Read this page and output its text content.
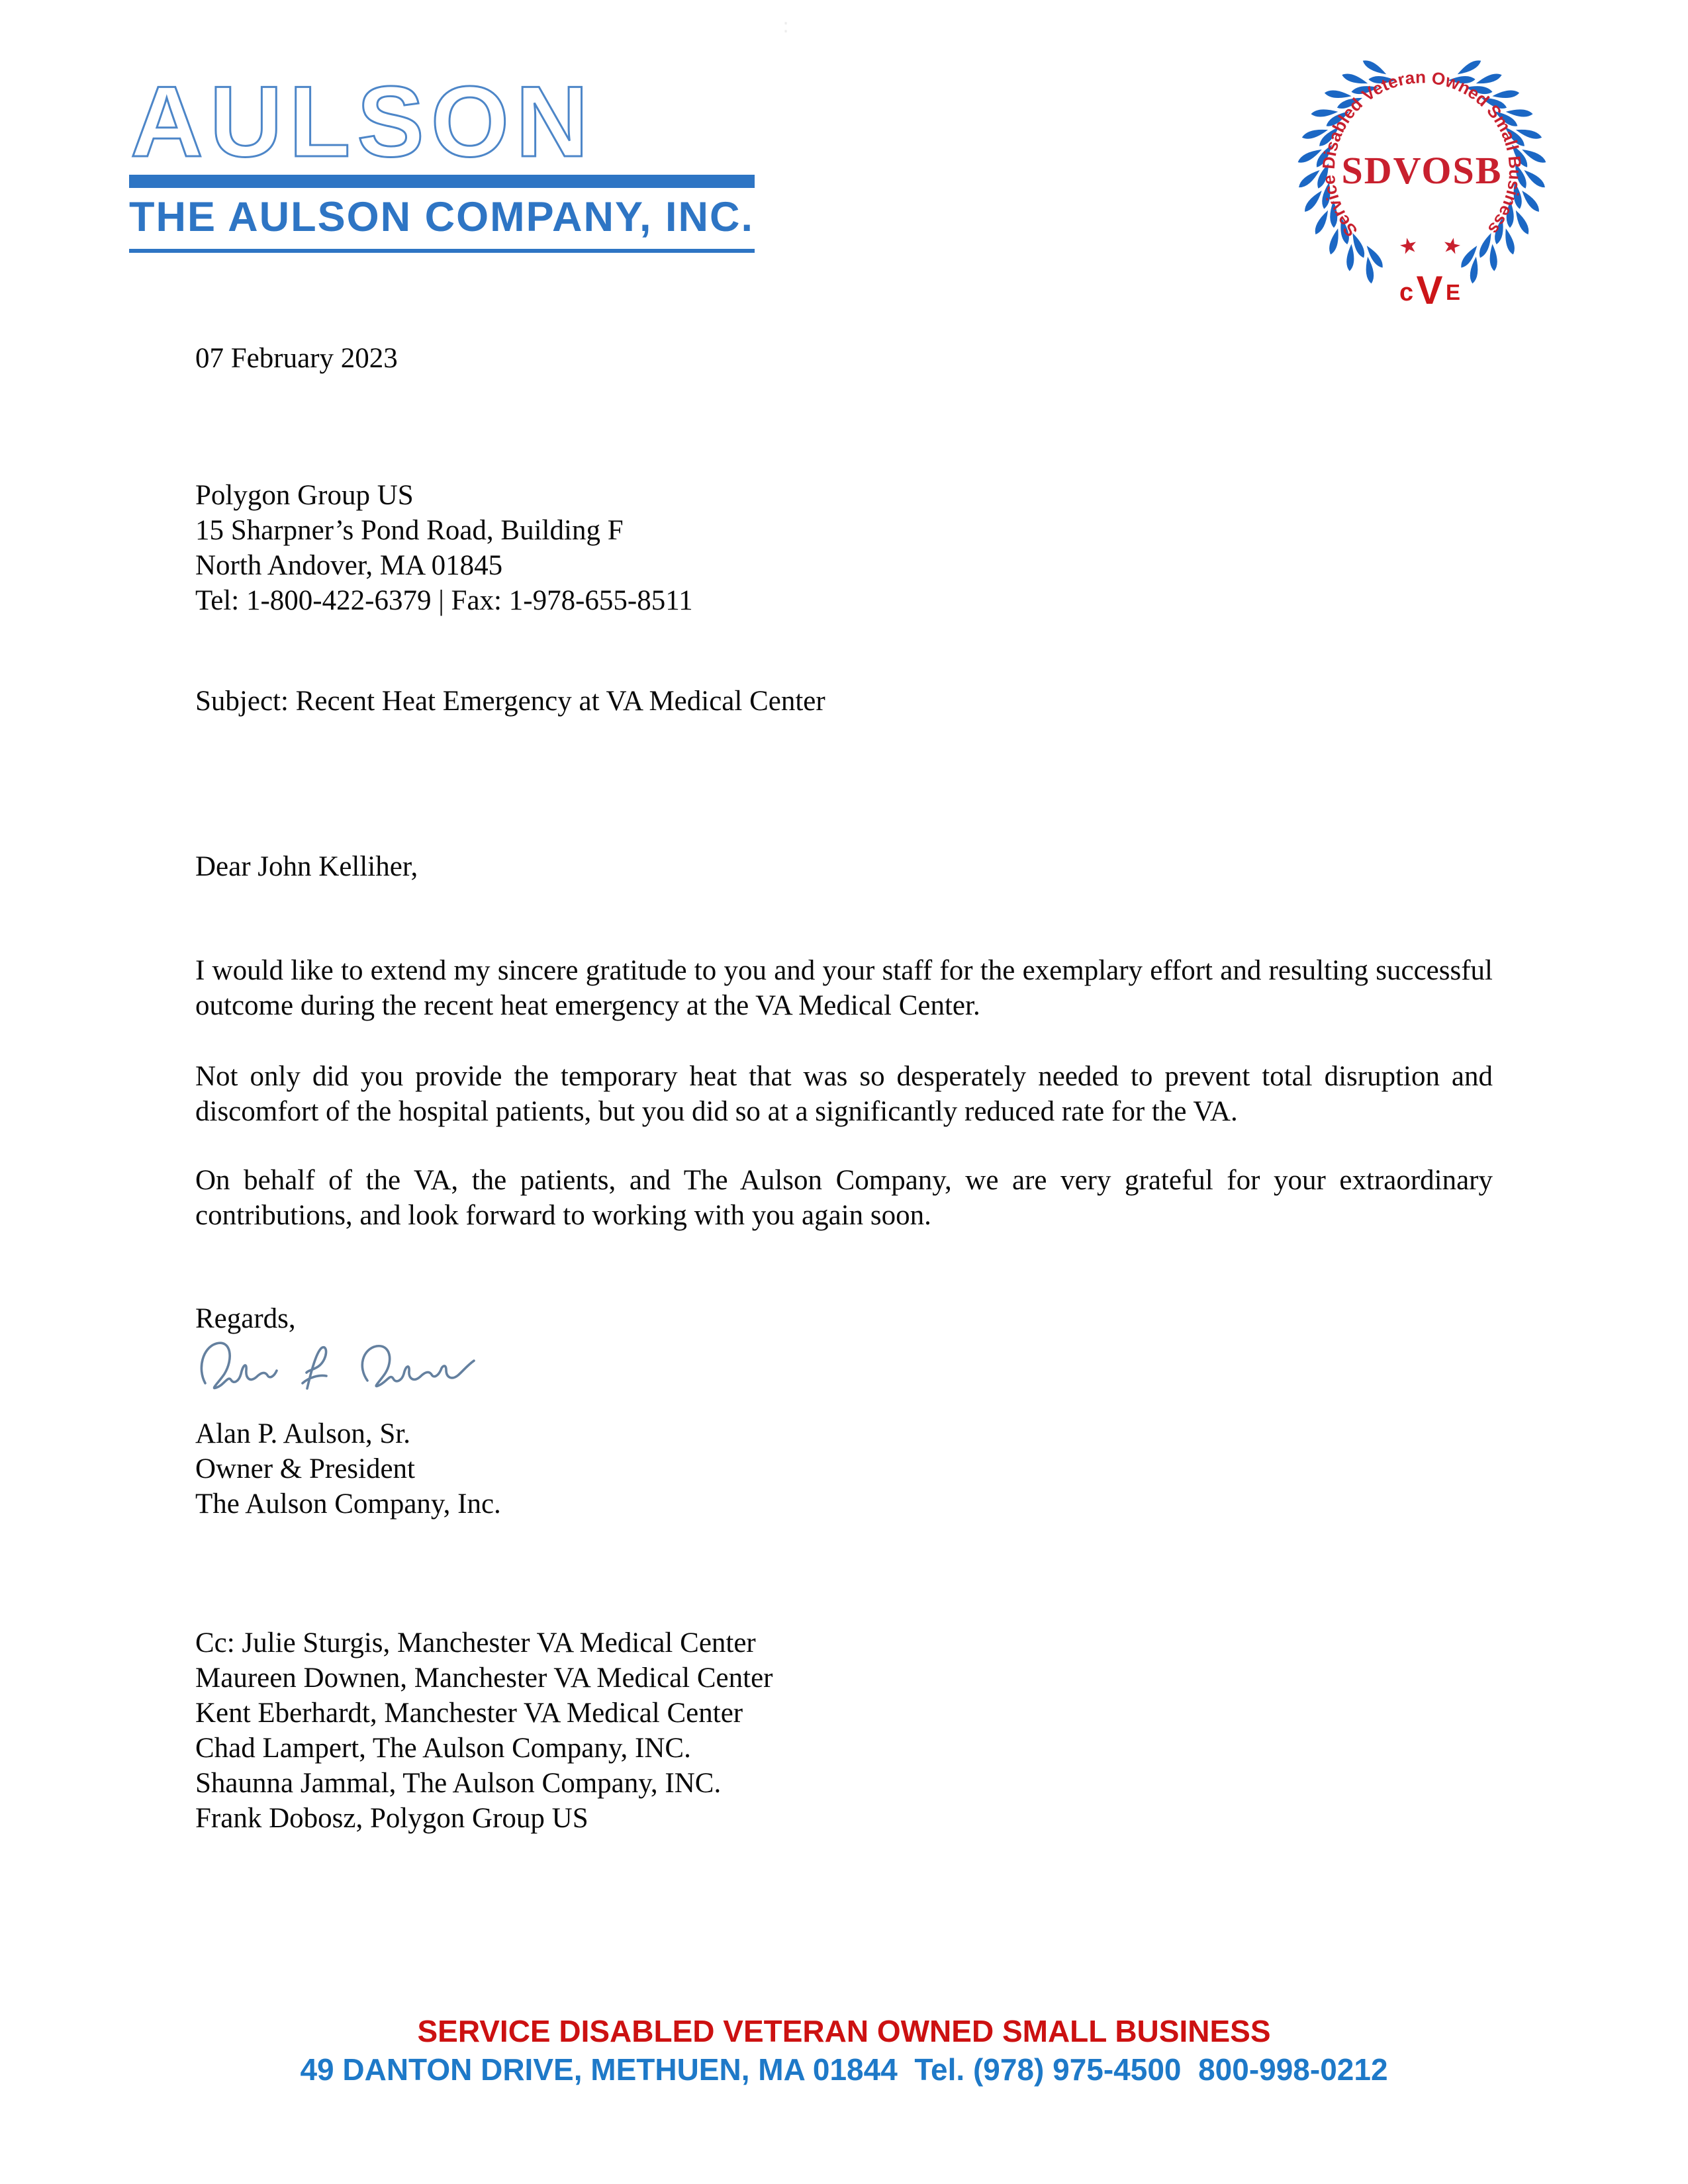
:
AULSON
THE AULSON COMPANY, INC.	Service Disabled Veteran Owned Small Business
SDVOSB
★ ★
c V E
07 February 2023
Polygon Group US
15 Sharpner’s Pond Road, Building F
North Andover, MA 01845
Tel: 1-800-422-6379 | Fax: 1-978-655-8511
Subject: Recent Heat Emergency at VA Medical Center
Dear John Kelliher,
I would like to extend my sincere gratitude to you and your staff for the exemplary effort and resulting successful outcome during the recent heat emergency at the VA Medical Center.
Not only did you provide the temporary heat that was so desperately needed to prevent total disruption and discomfort of the hospital patients, but you did so at a significantly reduced rate for the VA.
On behalf of the VA, the patients, and The Aulson Company, we are very grateful for your extraordinary contributions, and look forward to working with you again soon.
Regards,
Alan P. Aulson, Sr.
Owner & President
The Aulson Company, Inc.
Cc: Julie Sturgis, Manchester VA Medical Center
Maureen Downen, Manchester VA Medical Center
Kent Eberhardt, Manchester VA Medical Center
Chad Lampert, The Aulson Company, INC.
Shaunna Jammal, The Aulson Company, INC.
Frank Dobosz, Polygon Group US
SERVICE DISABLED VETERAN OWNED SMALL BUSINESS
49 DANTON DRIVE, METHUEN, MA 01844  Tel. (978) 975-4500  800-998-0212
